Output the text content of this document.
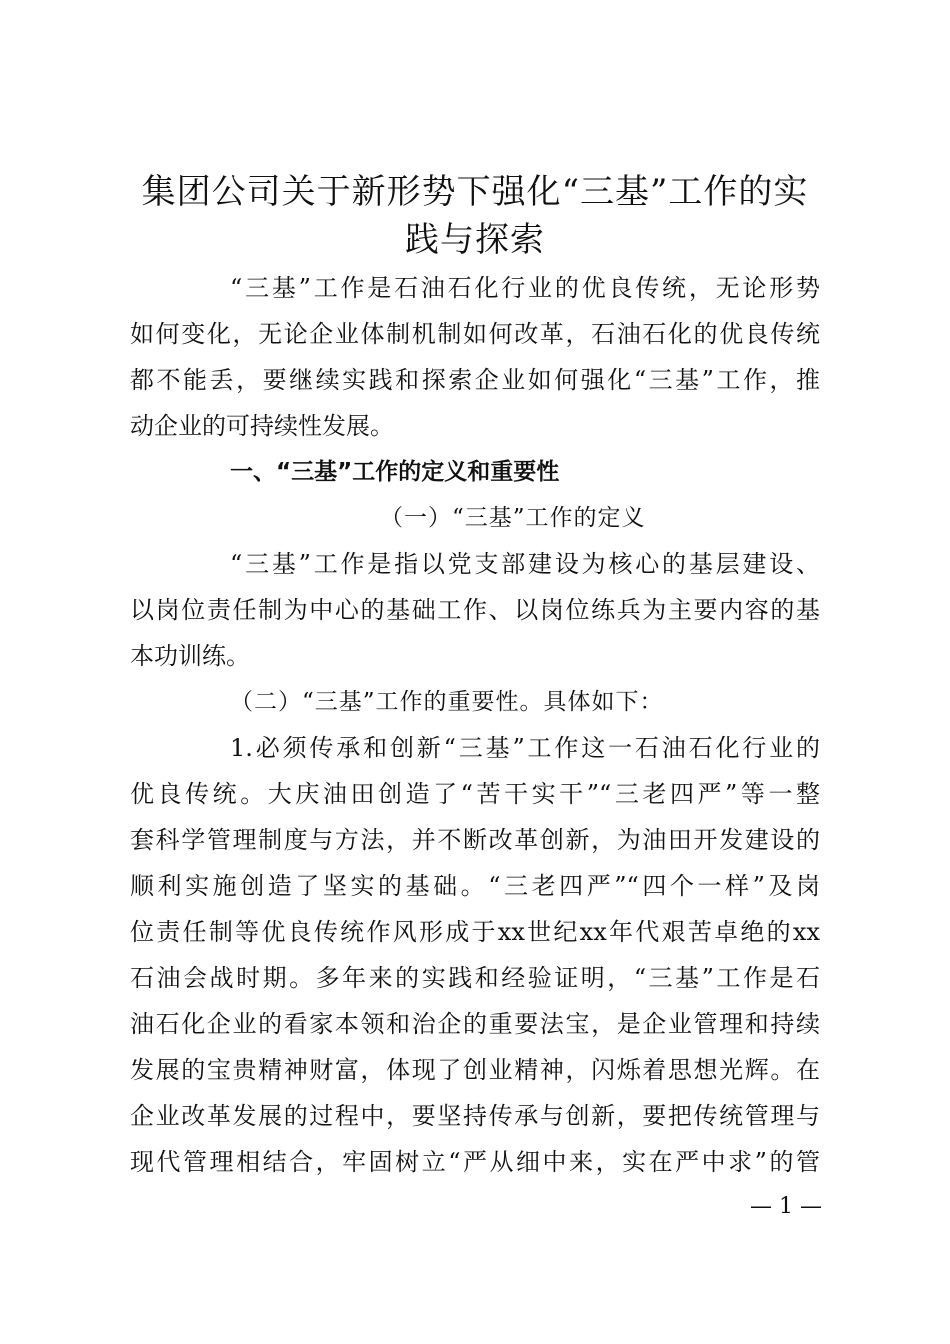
集团公司关于新形势下强化“三基”工作的实
践与探索
“三基”工作是石油石化行业的优良传统，无论形势
如何变化，无论企业体制机制如何改革，石油石化的优良传统
都不能丢，要继续实践和探索企业如何强化“三基”工作，推
动企业的可持续性发展。
一、“三基”工作的定义和重要性
（一）“三基”工作的定义
“三基”工作是指以党支部建设为核心的基层建设、
以岗位责任制为中心的基础工作、以岗位练兵为主要内容的基
本功训练。
（二）“三基”工作的重要性。具体如下：
1.必须传承和创新“三基”工作这一石油石化行业的
优良传统。大庆油田创造了“苦干实干”“三老四严”等一整
套科学管理制度与方法，并不断改革创新，为油田开发建设的
顺利实施创造了坚实的基础。“三老四严”“四个一样”及岗
位责任制等优良传统作风形成于xx世纪xx年代艰苦卓绝的xx
石油会战时期。多年来的实践和经验证明，“三基”工作是石
油石化企业的看家本领和治企的重要法宝，是企业管理和持续
发展的宝贵精神财富，体现了创业精神，闪烁着思想光辉。在
企业改革发展的过程中，要坚持传承与创新，要把传统管理与
现代管理相结合，牢固树立“严从细中来，实在严中求”的管
— 1 —
